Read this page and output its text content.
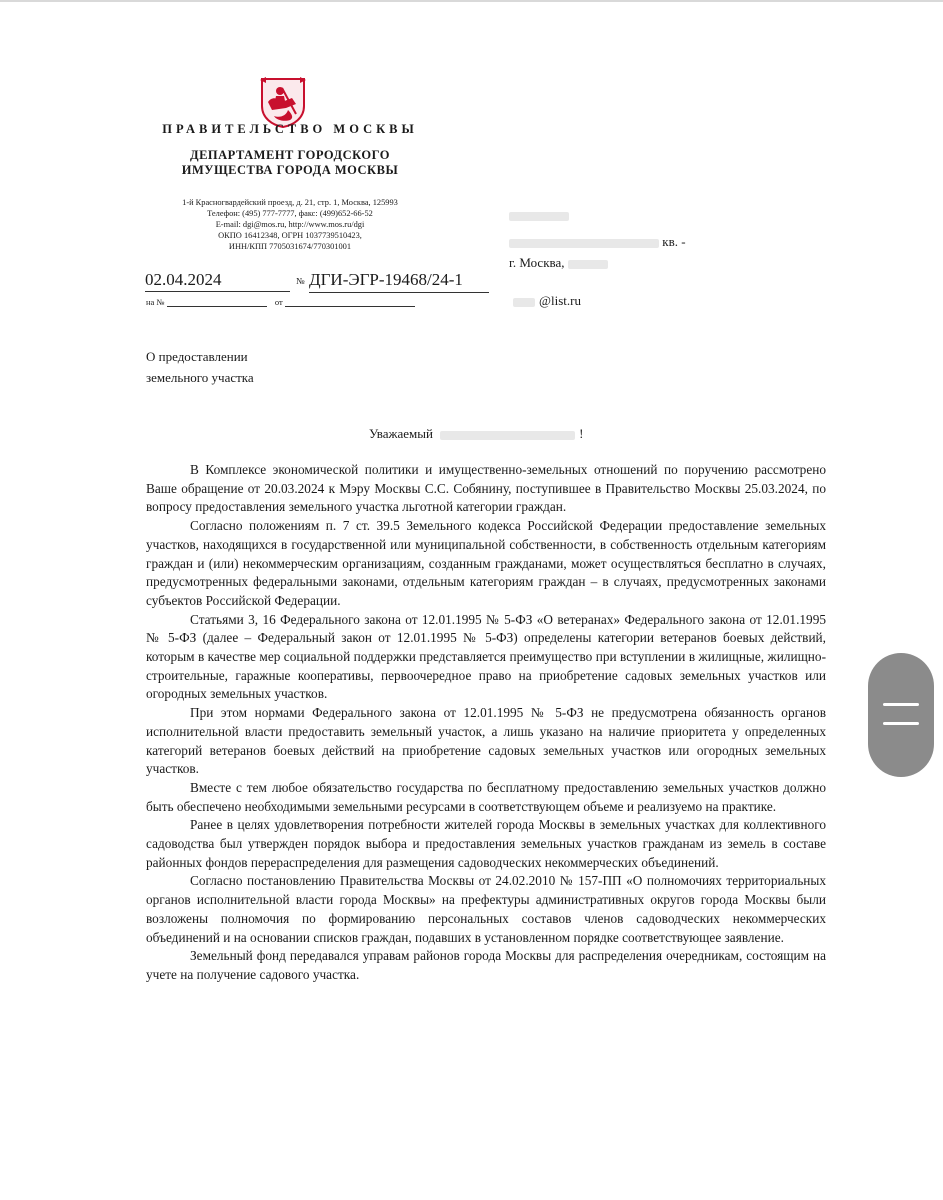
ПРАВИТЕЛЬСТВО МОСКВЫ
ДЕПАРТАМЕНТ ГОРОДСКОГО
ИМУЩЕСТВА ГОРОДА МОСКВЫ
1-й Красногвардейский проезд, д. 21, стр. 1, Москва, 125993
Телефон: (495) 777-7777, факс: (499)652-66-52
E-mail: dgi@mos.ru, http://www.mos.ru/dgi
ОКПО 16412348, ОГРН 1037739510423,
ИНН/КПП 7705031674/770301001
02.04.2024	№ ДГИ-ЭГР-19468/24-1
на №	от
кв. -
г. Москва,
@list.ru
О предоставлении
земельного участка
Уважаемый	!

В Комплексе экономической политики и имущественно-земельных отношений по поручению рассмотрено Ваше обращение от 20.03.2024 к Мэру Москвы С.С. Собянину, поступившее в Правительство Москвы 25.03.2024, по вопросу предоставления земельного участка льготной категории граждан.

Согласно положениям п. 7 ст. 39.5 Земельного кодекса Российской Федерации предоставление земельных участков, находящихся в государственной или муниципальной собственности, в собственность отдельным категориям граждан и (или) некоммерческим организациям, созданным гражданами, может осуществляться бесплатно в случаях, предусмотренных федеральными законами, отдельным категориям граждан – в случаях, предусмотренных законами субъектов Российской Федерации.

Статьями 3, 16 Федерального закона от 12.01.1995 № 5-ФЗ «О ветеранах» Федерального закона от 12.01.1995 № 5-ФЗ (далее – Федеральный закон от 12.01.1995 № 5-ФЗ) определены категории ветеранов боевых действий, которым в качестве мер социальной поддержки представляется преимущество при вступлении в жилищные, жилищно-строительные, гаражные кооперативы, первоочередное право на приобретение садовых земельных участков или огородных земельных участков.

При этом нормами Федерального закона от 12.01.1995 № 5-ФЗ не предусмотрена обязанность органов исполнительной власти предоставить земельный участок, а лишь указано на наличие приоритета у определенных категорий ветеранов боевых действий на приобретение садовых земельных участков или огородных земельных участков.

Вместе с тем любое обязательство государства по бесплатному предоставлению земельных участков должно быть обеспечено необходимыми земельными ресурсами в соответствующем объеме и реализуемо на практике.

Ранее в целях удовлетворения потребности жителей города Москвы в земельных участках для коллективного садоводства был утвержден порядок выбора и предоставления земельных участков гражданам из земель в составе районных фондов перераспределения для размещения садоводческих некоммерческих объединений.

Согласно постановлению Правительства Москвы от 24.02.2010 № 157-ПП «О полномочиях территориальных органов исполнительной власти города Москвы» на префектуры административных округов города Москвы были возложены полномочия по формированию персональных составов членов садоводческих некоммерческих объединений и на основании списков граждан, подавших в установленном порядке соответствующее заявление.

Земельный фонд передавался управам районов города Москвы для распределения очередникам, состоящим на учете на получение садового участка.
